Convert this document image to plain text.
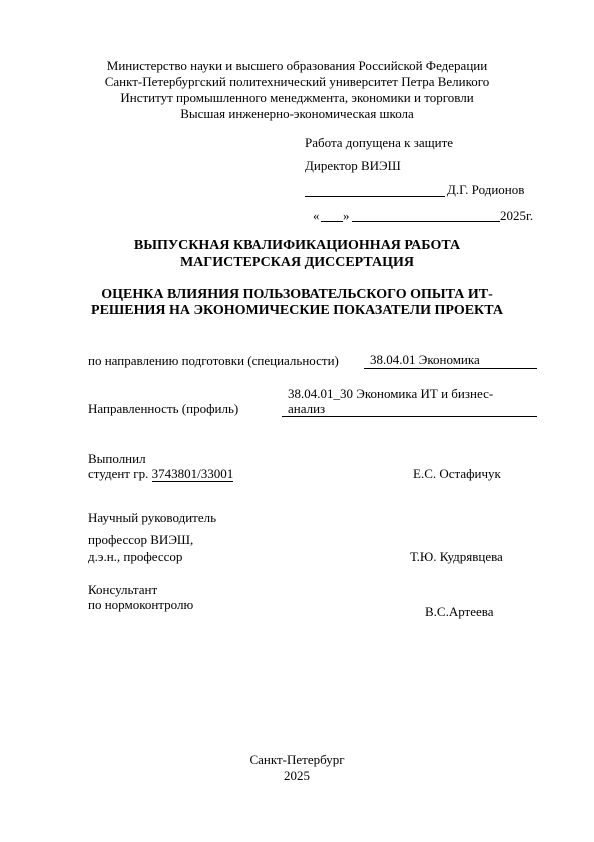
Министерство науки и высшего образования Российской Федерации
Санкт-Петербургский политехнический университет Петра Великого
Институт промышленного менеджмента, экономики и торговли
Высшая инженерно-экономическая школа
Работа допущена к защите
Директор ВИЭШ
Д.Г. Родионов
« »	2025г.
ВЫПУСКНАЯ КВАЛИФИКАЦИОННАЯ РАБОТА
МАГИСТЕРСКАЯ ДИССЕРТАЦИЯ
ОЦЕНКА ВЛИЯНИЯ ПОЛЬЗОВАТЕЛЬСКОГО ОПЫТА ИТ-
РЕШЕНИЯ НА ЭКОНОМИЧЕСКИЕ ПОКАЗАТЕЛИ ПРОЕКТА
по направлению подготовки (специальности) 38.04.01 Экономика
Направленность (профиль)
38.04.01_30 Экономика ИТ и бизнес-
анализ
Выполнил
студент гр. 3743801/33001	Е.С. Остафичук
Научный руководитель
профессор ВИЭШ,
д.э.н., профессор	Т.Ю. Кудрявцева
Консультант
по нормоконтролю	В.С.Артеева
Санкт-Петербург
2025
